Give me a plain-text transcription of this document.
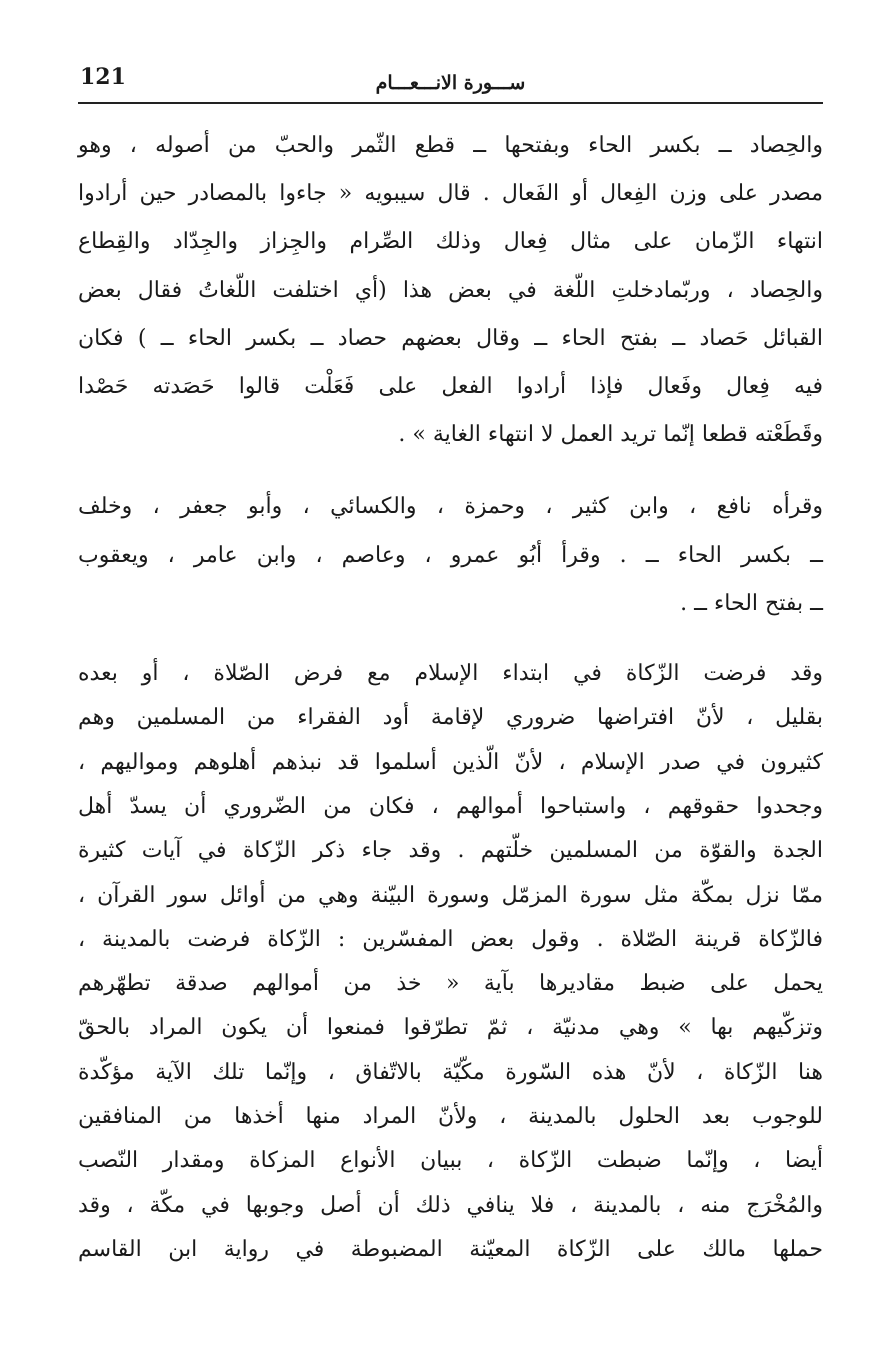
121	ســـورة الانـــعـــام

والحِصاد ــ بكسر الحاء وبفتحها ــ قطع الثّمر والحبّ من أصوله ، وهو
مصدر على وزن الفِعال أو الفَعال . قال سيبويه « جاءوا بالمصادر حين أرادوا
انتهاء الزّمان على مثال فِعال وذلك الصِّرام والجِزاز والجِدّاد والقِطاع
والحِصاد ، وربّمادخلتِ اللّغة في بعض هذا (أي اختلفت اللّغاتُ فقال بعض
القبائل حَصاد ــ بفتح الحاء ــ وقال بعضهم حصاد ــ بكسر الحاء ــ ) فكان
فيه فِعال وفَعال فإذا أرادوا الفعل على فَعَلْت قالوا حَصَدته حَصْدا
وقَطَعْته قطعا إنّما تريد العمل لا انتهاء الغاية » .

وقرأه نافع ، وابن كثير ، وحمزة ، والكسائي ، وأبو جعفر ، وخلف
ــ بكسر الحاء ــ . وقرأ أبُو عمرو ، وعاصم ، وابن عامر ، ويعقوب
ــ بفتح الحاء ــ .

وقد فرضت الزّكاة في ابتداء الإسلام مع فرض الصّلاة ، أو بعده
بقليل ، لأنّ افتراضها ضروري لإقامة أود الفقراء من المسلمين وهم
كثيرون في صدر الإسلام ، لأنّ الّذين أسلموا قد نبذهم أهلوهم ومواليهم ،
وجحدوا حقوقهم ، واستباحوا أموالهم ، فكان من الضّروري أن يسدّ أهل
الجدة والقوّة من المسلمين خلّتهم . وقد جاء ذكر الزّكاة في آيات كثيرة
ممّا نزل بمكّة مثل سورة المزمّل وسورة البيّنة وهي من أوائل سور القرآن ،
فالزّكاة قرينة الصّلاة . وقول بعض المفسّرين : الزّكاة فرضت بالمدينة ،
يحمل على ضبط مقاديرها بآية « خذ من أموالهم صدقة تطهّرهم
وتزكّيهم بها » وهي مدنيّة ، ثمّ تطرّقوا فمنعوا أن يكون المراد بالحقّ
هنا الزّكاة ، لأنّ هذه السّورة مكّيّة بالاتّفاق ، وإنّما تلك الآية مؤكّدة
للوجوب بعد الحلول بالمدينة ، ولأنّ المراد منها أخذها من المنافقين
أيضا ، وإنّما ضبطت الزّكاة ، ببيان الأنواع المزكاة ومقدار النّصب
والمُخْرَج منه ، بالمدينة ، فلا ينافي ذلك أن أصل وجوبها في مكّة ، وقد
حملها مالك على الزّكاة المعيّنة المضبوطة في رواية ابن القاسم
